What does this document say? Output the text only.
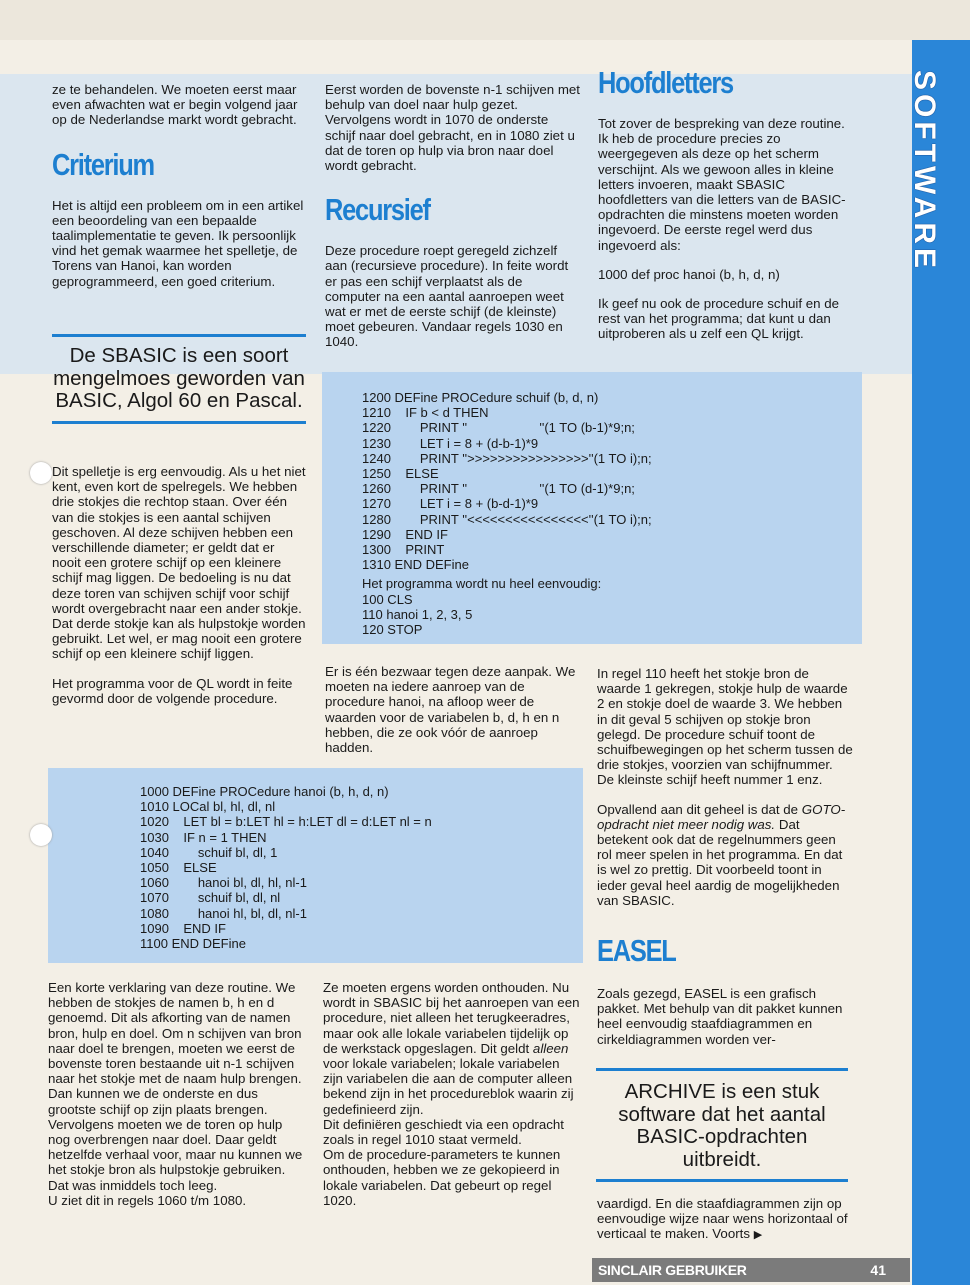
ze te behandelen. We moeten eerst maar even afwachten wat er begin volgend jaar op de Nederlandse markt wordt gebracht.

Criterium

Het is altijd een probleem om in een artikel een beoordeling van een bepaalde taalimplementatie te geven. Ik persoonlijk vind het gemak waarmee het spelletje, de Torens van Hanoi, kan worden geprogrammeerd, een goed criterium.

De SBASIC is een soort mengelmoes geworden van BASIC, Algol 60 en Pascal.

Dit spelletje is erg eenvoudig. Als u het niet kent, even kort de spelregels. We hebben drie stokjes die rechtop staan. Over één van die stokjes is een aantal schijven geschoven. Al deze schijven hebben een verschillende diameter; er geldt dat er nooit een grotere schijf op een kleinere schijf mag liggen. De bedoeling is nu dat deze toren van schijven schijf voor schijf wordt overgebracht naar een ander stokje. Dat derde stokje kan als hulpstokje worden gebruikt. Let wel, er mag nooit een grotere schijf op een kleinere schijf liggen.

Het programma voor de QL wordt in feite gevormd door de volgende procedure.

Een korte verklaring van deze routine. We hebben de stokjes de namen b, h en d genoemd. Dit als afkorting van de namen bron, hulp en doel. Om n schijven van bron naar doel te brengen, moeten we eerst de bovenste toren bestaande uit n-1 schijven naar het stokje met de naam hulp brengen. Dan kunnen we de onderste en dus grootste schijf op zijn plaats brengen. Vervolgens moeten we de toren op hulp nog overbrengen naar doel. Daar geldt hetzelfde verhaal voor, maar nu kunnen we het stokje bron als hulpstokje gebruiken. Dat was inmiddels toch leeg.

U ziet dit in regels 1060 t/m 1080.

Eerst worden de bovenste n-1 schijven met behulp van doel naar hulp gezet. Vervolgens wordt in 1070 de onderste schijf naar doel gebracht, en in 1080 ziet u dat de toren op hulp via bron naar doel wordt gebracht.

Recursief

Deze procedure roept geregeld zichzelf aan (recursieve procedure). In feite wordt er pas een schijf verplaatst als de computer na een aantal aanroepen weet wat er met de eerste schijf (de kleinste) moet gebeuren. Vandaar regels 1030 en 1040.

Er is één bezwaar tegen deze aanpak. We moeten na iedere aanroep van de procedure hanoi, na afloop weer de waarden voor de variabelen b, d, h en n hebben, die ze ook vóór de aanroep hadden.

Ze moeten ergens worden onthouden. Nu wordt in SBASIC bij het aanroepen van een procedure, niet alleen het terugkeeradres, maar ook alle lokale variabelen tijdelijk op de werkstack opgeslagen. Dit geldt alleen voor lokale variabelen; lokale variabelen zijn variabelen die aan de computer alleen bekend zijn in het procedureblok waarin zij gedefinieerd zijn.

Dit definiëren geschiedt via een opdracht zoals in regel 1010 staat vermeld.

Om de procedure-parameters te kunnen onthouden, hebben we ze gekopieerd in lokale variabelen. Dat gebeurt op regel 1020.

Hoofdletters

Tot zover de bespreking van deze routine. Ik heb de procedure precies zo weergegeven als deze op het scherm verschijnt. Als we gewoon alles in kleine letters invoeren, maakt SBASIC hoofdletters van die letters van de BASIC-opdrachten die minstens moeten worden ingevoerd. De eerste regel werd dus ingevoerd als:

1000 def proc hanoi (b, h, d, n)

Ik geef nu ook de procedure schuif en de rest van het programma; dat kunt u dan uitproberen als u zelf een QL krijgt.

In regel 110 heeft het stokje bron de waarde 1 gekregen, stokje hulp de waarde 2 en stokje doel de waarde 3. We hebben in dit geval 5 schijven op stokje bron gelegd. De procedure schuif toont de schuifbewegingen op het scherm tussen de drie stokjes, voorzien van schijfnummer. De kleinste schijf heeft nummer 1 enz.

Opvallend aan dit geheel is dat de GOTO-opdracht niet meer nodig was. Dat betekent ook dat de regelnummers geen rol meer spelen in het programma. En dat is wel zo prettig. Dit voorbeeld toont in ieder geval heel aardig de mogelijkheden van SBASIC.

EASEL

Zoals gezegd, EASEL is een grafisch pakket. Met behulp van dit pakket kunnen heel eenvoudig staafdiagrammen en cirkeldiagrammen worden ver-

ARCHIVE is een stuk software dat het aantal BASIC-opdrachten uitbreidt.

vaardigd. En die staafdiagrammen zijn op eenvoudige wijze naar wens horizontaal of verticaal te maken. Voorts ▶

1200 DEFine PROCedure schuif (b, d, n)
1210    IF b < d THEN
1220        PRINT ''                    ''(1 TO (b-1)*9;n;
1230        LET i = 8 + (d-b-1)*9
1240        PRINT ''>>>>>>>>>>>>>>>>''(1 TO i);n;
1250    ELSE
1260        PRINT ''                    ''(1 TO (d-1)*9;n;
1270        LET i = 8 + (b-d-1)*9
1280        PRINT ''<<<<<<<<<<<<<<<<''(1 TO i);n;
1290    END IF
1300    PRINT
1310 END DEFine
Het programma wordt nu heel eenvoudig:
100 CLS
110 hanoi 1, 2, 3, 5
120 STOP
1000 DEFine PROCedure hanoi (b, h, d, n)
1010 LOCal bl, hl, dl, nl
1020    LET bl = b:LET hl = h:LET dl = d:LET nl = n
1030    IF n = 1 THEN
1040        schuif bl, dl, 1
1050    ELSE
1060        hanoi bl, dl, hl, nl-1
1070        schuif bl, dl, nl
1080        hanoi hl, bl, dl, nl-1
1090    END IF
1100 END DEFine
SOFTWARE
SINCLAIR GEBRUIKER	41
